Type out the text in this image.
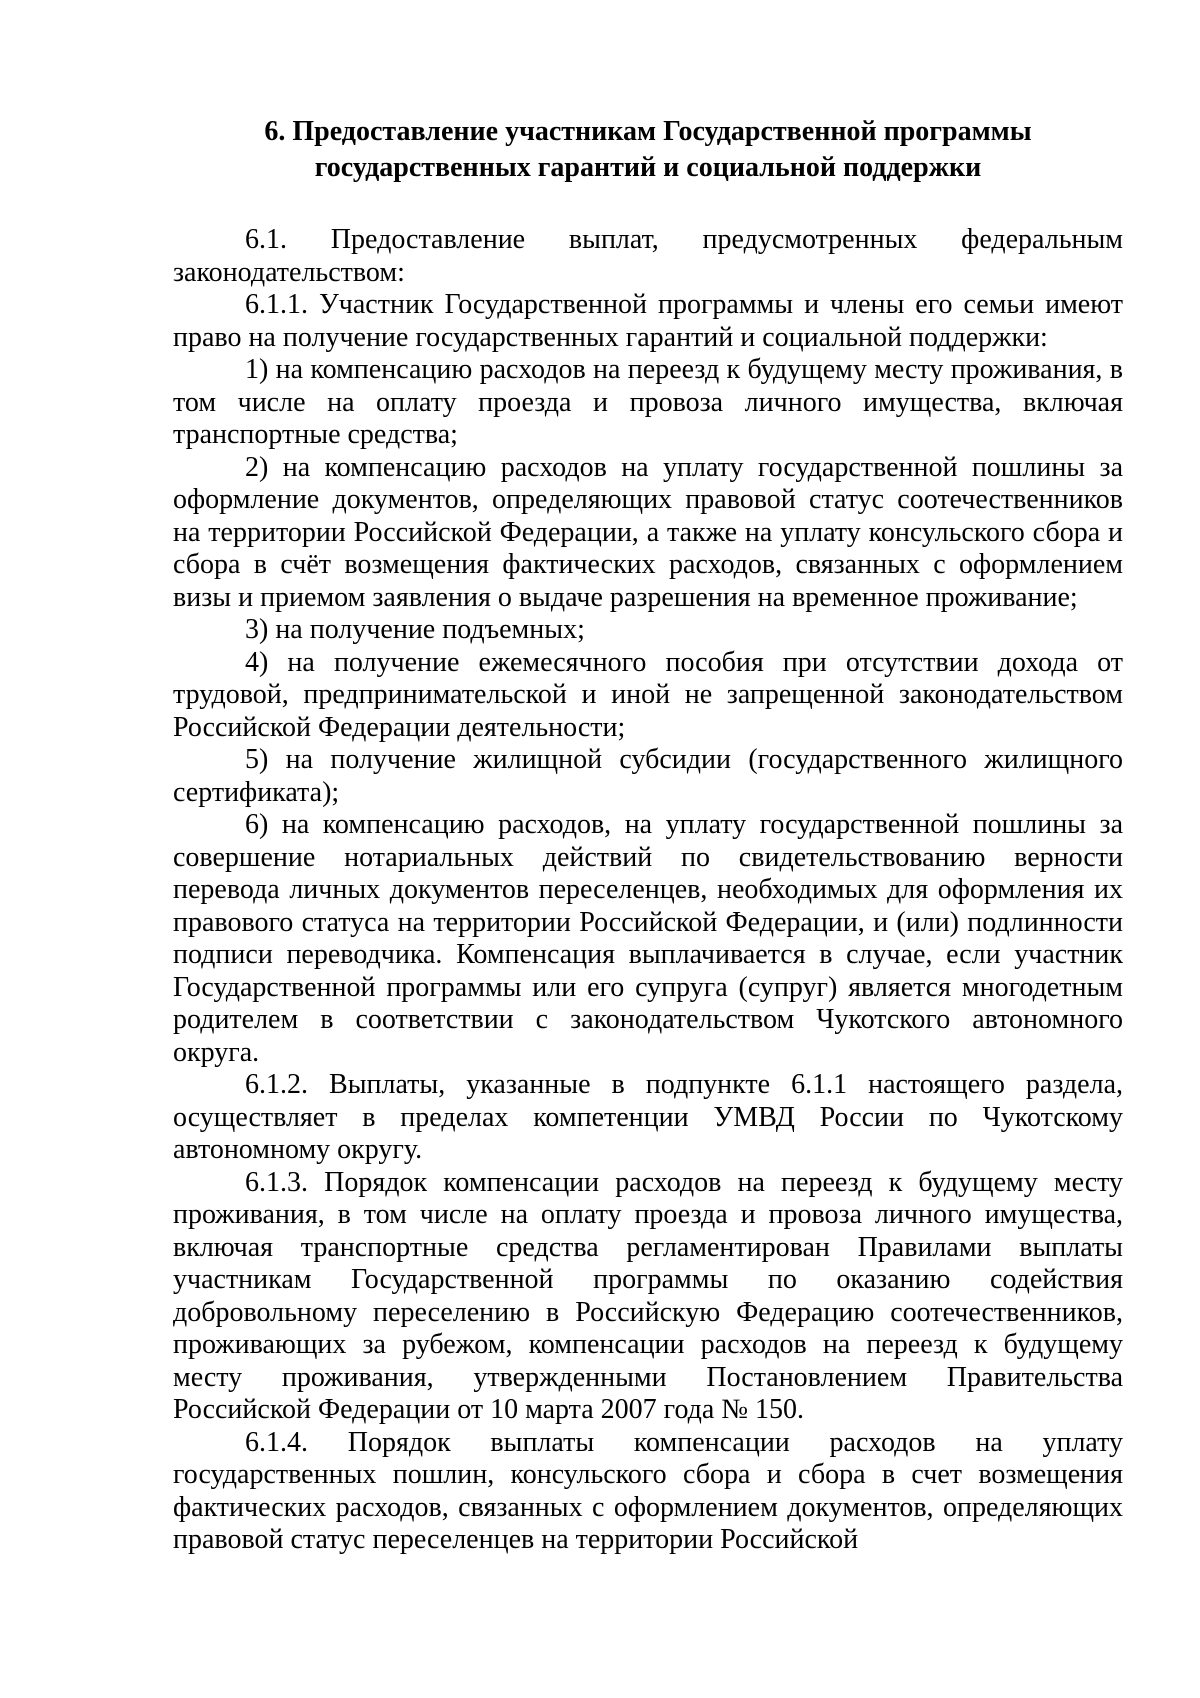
6. Предоставление участникам Государственной программы
государственных гарантий и социальной поддержки

6.1. Предоставление выплат, предусмотренных федеральным законодательством:

6.1.1. Участник Государственной программы и члены его семьи имеют право на получение государственных гарантий и социальной поддержки:

1) на компенсацию расходов на переезд к будущему месту проживания, в том числе на оплату проезда и провоза личного имущества, включая транспортные средства;

2) на компенсацию расходов на уплату государственной пошлины за оформление документов, определяющих правовой статус соотечественников на территории Российской Федерации, а также на уплату консульского сбора и сбора в счёт возмещения фактических расходов, связанных с оформлением визы и приемом заявления о выдаче разрешения на временное проживание;

3) на получение подъемных;

4) на получение ежемесячного пособия при отсутствии дохода от трудовой, предпринимательской и иной не запрещенной законодательством Российской Федерации деятельности;

5) на получение жилищной субсидии (государственного жилищного сертификата);

6) на компенсацию расходов, на уплату государственной пошлины за совершение нотариальных действий по свидетельствованию верности перевода личных документов переселенцев, необходимых для оформления их правового статуса на территории Российской Федерации, и (или) подлинности подписи переводчика. Компенсация выплачивается в случае, если участник Государственной программы или его супруга (супруг) является многодетным родителем в соответствии с законодательством Чукотского автономного округа.

6.1.2. Выплаты, указанные в подпункте 6.1.1 настоящего раздела, осуществляет в пределах компетенции УМВД России по Чукотскому автономному округу.

6.1.3. Порядок компенсации расходов на переезд к будущему месту проживания, в том числе на оплату проезда и провоза личного имущества, включая транспортные средства регламентирован Правилами выплаты участникам Государственной программы по оказанию содействия добровольному переселению в Российскую Федерацию соотечественников, проживающих за рубежом, компенсации расходов на переезд к будущему месту проживания, утвержденными Постановлением Правительства Российской Федерации от 10 марта 2007 года № 150.

6.1.4. Порядок выплаты компенсации расходов на уплату государственных пошлин, консульского сбора и сбора в счет возмещения фактических расходов, связанных с оформлением документов, определяющих правовой статус переселенцев на территории Российской
